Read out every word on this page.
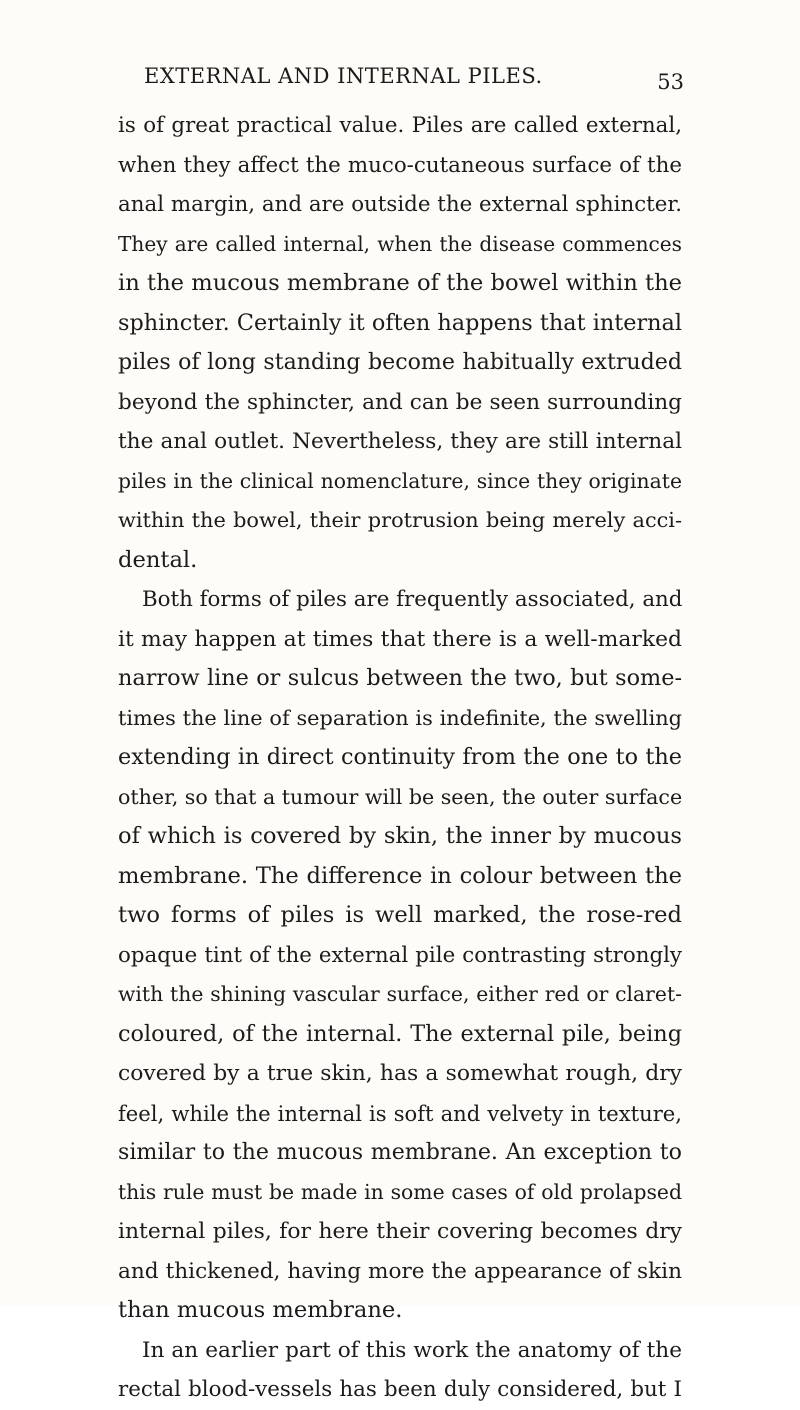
EXTERNAL AND INTERNAL PILES.	53
is of great practical value. Piles are called external,
when they affect the muco-cutaneous surface of the
anal margin, and are outside the external sphincter.
They are called internal, when the disease commences
in the mucous membrane of the bowel within the
sphincter. Certainly it often happens that internal
piles of long standing become habitually extruded
beyond the sphincter, and can be seen surrounding
the anal outlet. Nevertheless, they are still internal
piles in the clinical nomenclature, since they originate
within the bowel, their protrusion being merely acci-
dental.
Both forms of piles are frequently associated, and
it may happen at times that there is a well-marked
narrow line or sulcus between the two, but some-
times the line of separation is indefinite, the swelling
extending in direct continuity from the one to the
other, so that a tumour will be seen, the outer surface
of which is covered by skin, the inner by mucous
membrane. The difference in colour between the
two forms of piles is well marked, the rose-red
opaque tint of the external pile contrasting strongly
with the shining vascular surface, either red or claret-
coloured, of the internal. The external pile, being
covered by a true skin, has a somewhat rough, dry
feel, while the internal is soft and velvety in texture,
similar to the mucous membrane. An exception to
this rule must be made in some cases of old prolapsed
internal piles, for here their covering becomes dry
and thickened, having more the appearance of skin
than mucous membrane.
In an earlier part of this work the anatomy of the
rectal blood-vessels has been duly considered, but I
